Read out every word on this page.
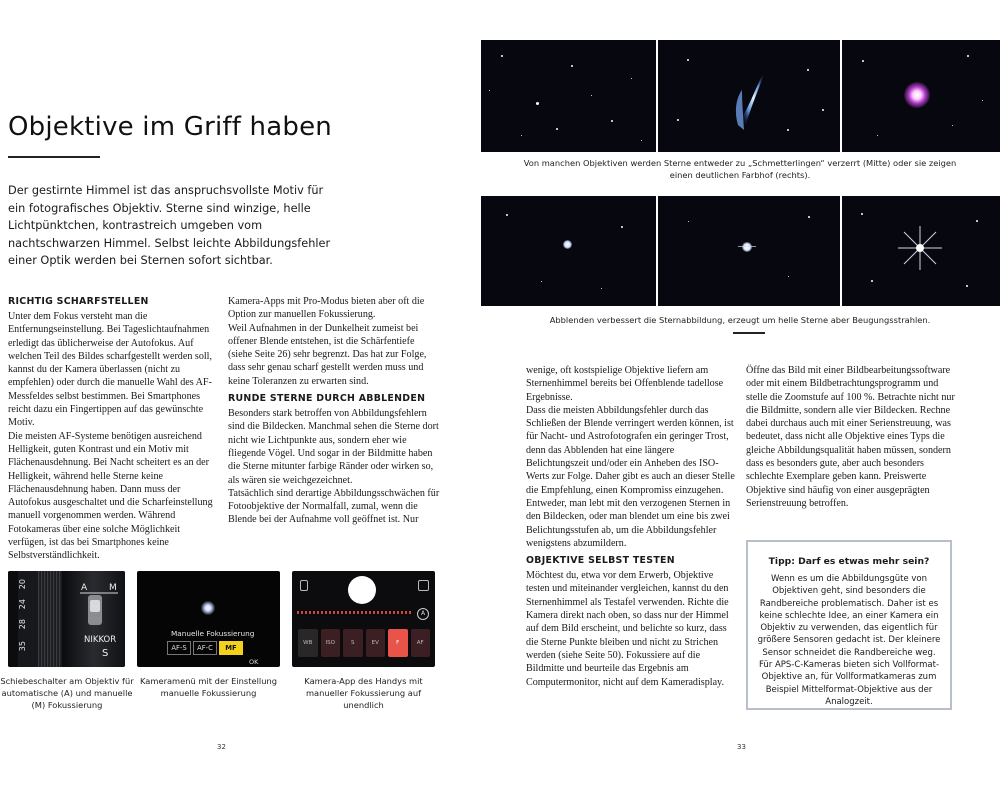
Objektive im Griff haben
Der gestirnte Himmel ist das anspruchsvollste Motiv für ein fotografisches Objektiv. Sterne sind winzige, helle Lichtpünktchen, kontrastreich umgeben vom nachtschwarzen Himmel. Selbst leichte Abbildungsfehler einer Optik werden bei Sternen sofort sichtbar.
RICHTIG SCHARFSTELLEN

Unter dem Fokus versteht man die Entfernungseinstellung. Bei Tageslichtaufnahmen erledigt das üblicherweise der Autofokus. Auf welchen Teil des Bildes scharfgestellt werden soll, kannst du der Kamera überlassen (nicht zu empfehlen) oder durch die manuelle Wahl des AF-Messfeldes selbst bestimmen. Bei Smartphones reicht dazu ein Fingertippen auf das gewünschte Motiv.

Die meisten AF-Systeme benötigen ausreichend Helligkeit, guten Kontrast und ein Motiv mit Flächenausdehnung. Bei Nacht scheitert es an der Helligkeit, während helle Sterne keine Flächenausdehnung haben. Dann muss der Autofokus ausgeschaltet und die Scharfeinstellung manuell vorgenommen werden. Während Fotokameras über eine solche Möglichkeit verfügen, ist das bei Smartphones keine Selbstverständlichkeit.

Kamera-Apps mit Pro-Modus bieten aber oft die Option zur manuellen Fokussierung.

Weil Aufnahmen in der Dunkelheit zumeist bei offener Blende entstehen, ist die Schärfentiefe (siehe Seite 26) sehr begrenzt. Das hat zur Folge, dass sehr genau scharf gestellt werden muss und keine Toleranzen zu erwarten sind.

RUNDE STERNE DURCH ABBLENDEN

Besonders stark betroffen von Abbildungsfehlern sind die Bildecken. Manchmal sehen die Sterne dort nicht wie Lichtpunkte aus, sondern eher wie fliegende Vögel. Und sogar in der Bildmitte haben die Sterne mitunter farbige Ränder oder wirken so, als wären sie weichgezeichnet.

Tatsächlich sind derartige Abbildungsschwächen für Fotoobjektive der Normalfall, zumal, wenn die Blende bei der Aufnahme voll geöffnet ist. Nur

20
24
28
35
A M
NIKKOR
S
Schiebeschalter am Objektiv für automatische (A) und manuelle (M) Fokussierung
Manuelle Fokussierung
AF-S	AF-C	MF
OK
Kameramenü mit der Einstellung manuelle Fokussierung
A
WB	ISO	S	EV	F	AF
Kamera-App des Handys mit manueller Fokussierung auf unendlich
32
Von manchen Objektiven werden Sterne entweder zu „Schmetterlingen“ verzerrt (Mitte) oder sie zeigen einen deutlichen Farbhof (rechts).
Abblenden verbessert die Sternabbildung, erzeugt um helle Sterne aber Beugungsstrahlen.

wenige, oft kostspielige Objektive liefern am Sternenhimmel bereits bei Offenblende tadellose Ergebnisse.

Dass die meisten Abbildungsfehler durch das Schließen der Blende verringert werden können, ist für Nacht- und Astrofotografen ein geringer Trost, denn das Abblenden hat eine längere Belichtungszeit und/oder ein Anheben des ISO-Werts zur Folge. Daher gibt es auch an dieser Stelle die Empfehlung, einen Kompromiss einzugehen. Entweder, man lebt mit den verzogenen Sternen in den Bildecken, oder man blendet um eine bis zwei Belichtungsstufen ab, um die Abbildungsfehler wenigstens abzumildern.

OBJEKTIVE SELBST TESTEN

Möchtest du, etwa vor dem Erwerb, Objektive testen und miteinander vergleichen, kannst du den Sternenhimmel als Testafel verwenden. Richte die Kamera direkt nach oben, so dass nur der Himmel auf dem Bild erscheint, und belichte so kurz, dass die Sterne Punkte bleiben und nicht zu Strichen werden (siehe Seite 50). Fokussiere auf die Bildmitte und beurteile das Ergebnis am Computermonitor, nicht auf dem Kameradisplay.

Öffne das Bild mit einer Bildbearbeitungssoftware oder mit einem Bildbetrachtungsprogramm und stelle die Zoomstufe auf 100 %. Betrachte nicht nur die Bildmitte, sondern alle vier Bildecken. Rechne dabei durchaus auch mit einer Serienstreuung, was bedeutet, dass nicht alle Objektive eines Typs die gleiche Abbildungsqualität haben müssen, sondern dass es besonders gute, aber auch besonders schlechte Exemplare geben kann. Preiswerte Objektive sind häufig von einer ausgeprägten Serienstreuung betroffen.

Tipp: Darf es etwas mehr sein?
Wenn es um die Abbildungsgüte von Objektiven geht, sind besonders die Randbereiche problematisch. Daher ist es keine schlechte Idee, an einer Kamera ein Objektiv zu verwenden, das eigentlich für größere Sensoren gedacht ist. Der kleinere Sensor schneidet die Randbereiche weg. Für APS-C-Kameras bieten sich Vollformat-Objektive an, für Vollformatkameras zum Beispiel Mittelformat-Objektive aus der Analogzeit.
33
